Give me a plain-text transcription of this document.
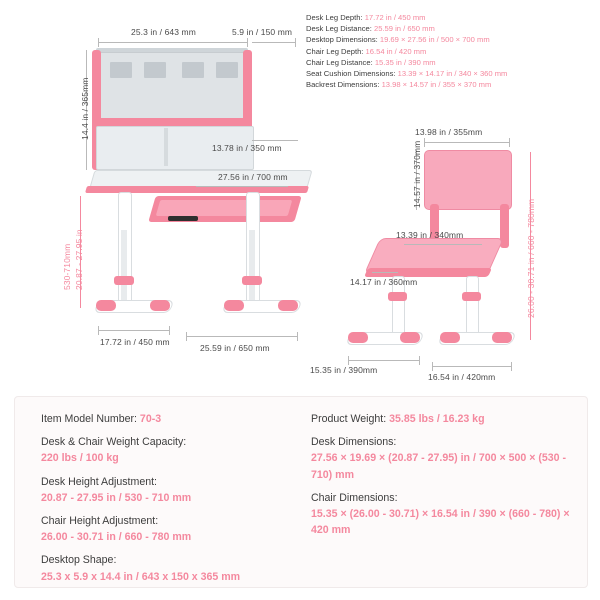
Desk Leg Depth: 17.72 in / 450 mm
Desk Leg Distance: 25.59 in / 650 mm
Desktop Dimensions: 19.69 × 27.56 in / 500 × 700 mm
Chair Leg Depth: 16.54 in / 420 mm
Chair Leg Distance: 15.35 in / 390 mm
Seat Cushion Dimensions: 13.39 × 14.17 in / 340 × 360 mm
Backrest Dimensions: 13.98 × 14.57 in / 355 × 370 mm
25.3 in / 643 mm	5.9 in / 150 mm
14.4 in / 365mm
13.78 in / 350 mm
27.56 in / 700 mm
20.87 - 27.95 in
530-710mm
17.72 in / 450 mm
25.59 in / 650 mm
13.98 in / 355mm
14.57 in / 370mm
26.00 - 30.71 in / 660 - 780mm
13.39 in / 340mm
14.17 in / 360mm
15.35 in / 390mm
16.54 in / 420mm
Item Model Number: 70-3
Desk & Chair Weight Capacity:
220 lbs / 100 kg
Desk Height Adjustment:
20.87 - 27.95 in / 530 - 710 mm
Chair Height Adjustment:
26.00 - 30.71 in / 660 - 780 mm
Desktop Shape:
25.3 x 5.9 x 14.4 in / 643 x 150 x 365 mm
Product Weight: 35.85 lbs / 16.23 kg
Desk Dimensions:
27.56 × 19.69 × (20.87 - 27.95) in / 700 × 500 × (530 - 710) mm
Chair Dimensions:
15.35 × (26.00 - 30.71) × 16.54 in / 390 × (660 - 780) × 420 mm
